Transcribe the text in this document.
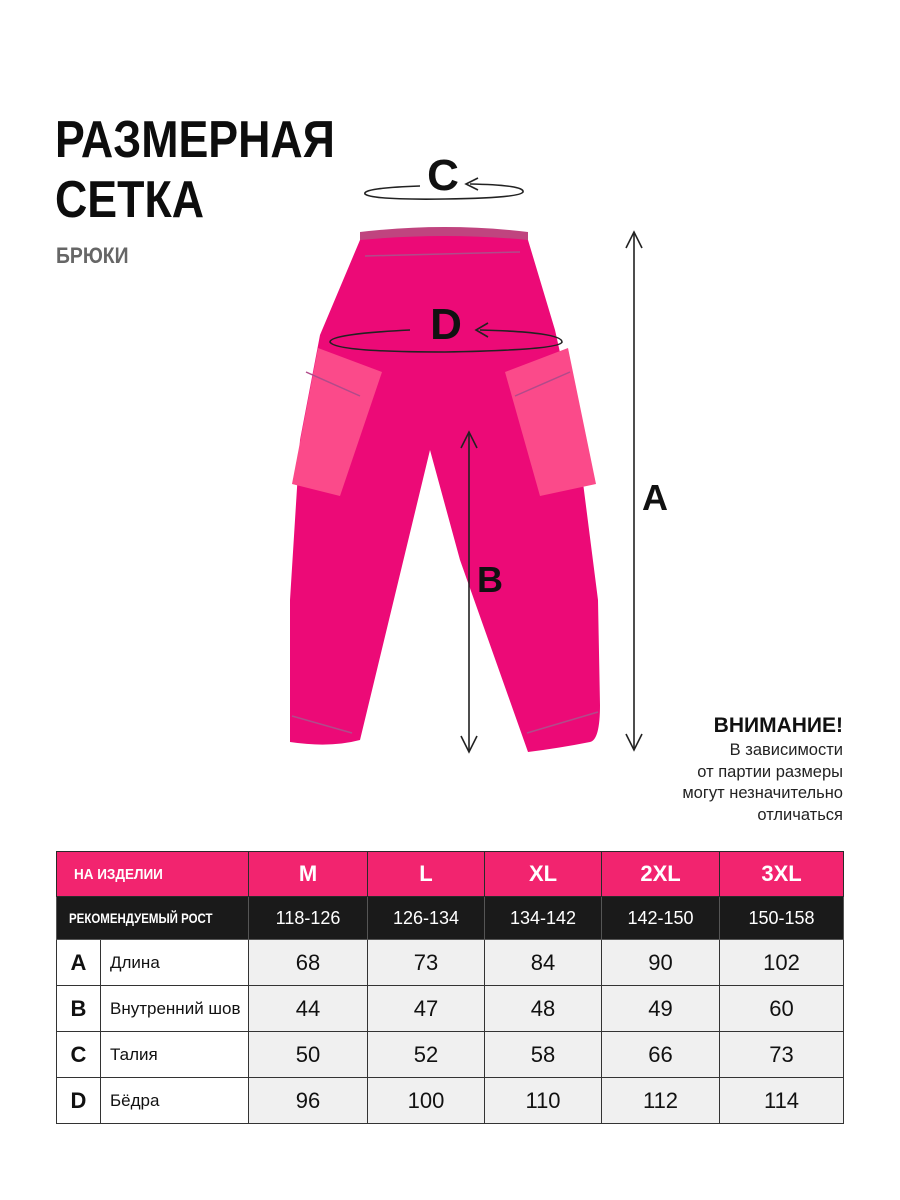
РАЗМЕРНАЯ
СЕТКА
БРЮКИ
C
D
A
B
ВНИМАНИЕ!
В зависимости
от партии размеры
могут незначительно
отличаться
НА ИЗДЕЛИИ		M	L	XL	2XL	3XL
РЕКОМЕНДУЕМЫЙ РОСТ		118-126	126-134	134-142	142-150	150-158
A	Длина	68	73	84	90	102
B	Внутренний шов	44	47	48	49	60
C	Талия	50	52	58	66	73
D	Бёдра	96	100	110	112	114
